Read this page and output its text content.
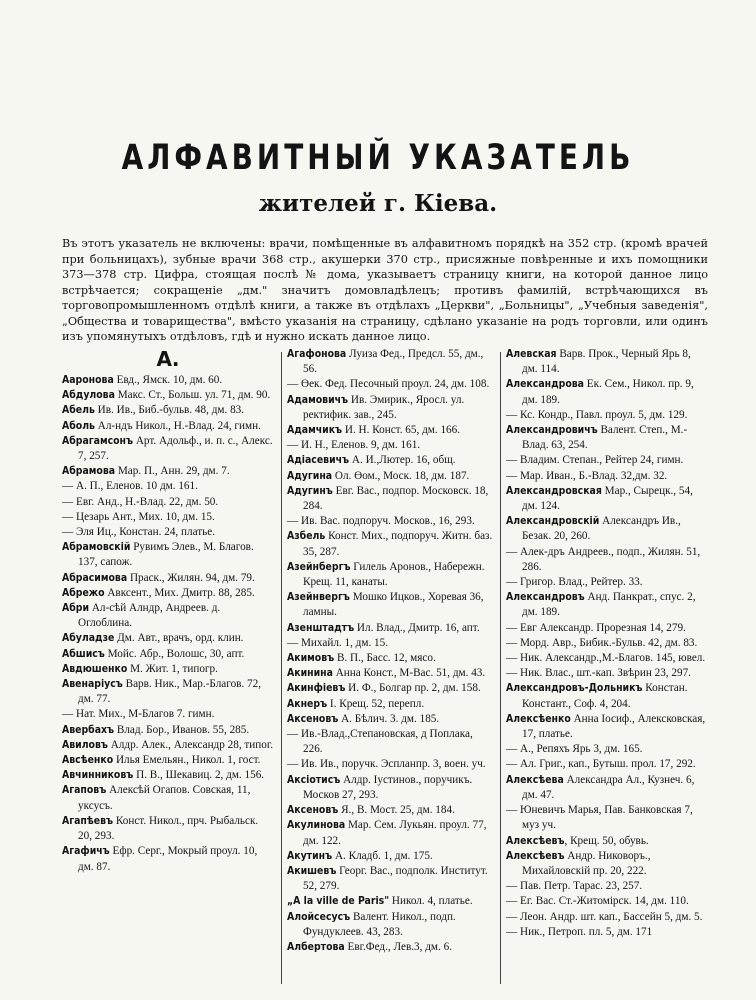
АЛФАВИТНЫЙ УКАЗАТЕЛЬ
жителей г. Кіева.
Въ этотъ указатель не включены: врачи, помѣщенные въ алфавитномъ порядкѣ на 352 стр. (кромѣ врачей при больницахъ), зубные врачи 368 стр., акушерки 370 стр., присяжные повѣренные и ихъ помощники 373—378 стр. Цифра, стоящая послѣ № дома, указываетъ страницу книги, на которой данное лицо встрѣчается; сокращенiе „дм." значитъ домовладѣлецъ; противъ фамилій, встрѣчающихся въ торговопромышленномъ отдѣлѣ книги, а также въ отдѣлахъ „Церкви", „Больницы", „Учебныя заведенія", „Общества и товарищества", вмѣсто указанія на страницу, сдѣлано указаніе на родъ торговли, или одинъ изъ упомянутыхъ отдѣловъ, гдѣ и нужно искать данное лицо.
А.

Аароновa Евд., Ямск. 10, дм. 60.

Абдулова Макс. Ст., Больш. ул. 71, дм. 90.

Абель Ив. Ив., Биб.-бульв. 48, дм. 83.

Аболь Ал-ндъ Никол., Н.-Влад. 24, гимн.

Абрагамсонъ Арт. Адольф., и. п. с., Алекс. 7, 257.

Абрамова Мар. П., Анн. 29, дм. 7.

— А. П., Еленов. 10 дм. 161.

— Евг. Анд., Н.-Влад. 22, дм. 50.

— Цезарь Ант., Мих. 10, дм. 15.

— Эля Иц., Констан. 24, платье.

Абрамовскій Рувимъ Элев., М. Благов. 137, сапож.

Абрасимова Праск., Жилян. 94, дм. 79.

Абрежо Авксент., Мих. Дмитр. 88, 285.

Абри Ал-сѣй Алндр, Андреев. д. Оглоблина.

Абуладзе Дм. Авт., врачъ, орд. клин.

Абшисъ Мойс. Абр., Волошс, 30, апт.

Авдюшенко М. Жит. 1, типогр.

Авенаріусъ Варв. Ник., Мар.-Благов. 72, дм. 77.

— Нат. Мих., М-Благов 7. гимн.

Авербахъ Влад. Бор., Иванов. 55, 285.

Авиловъ Алдр. Алек., Александр 28, типог.

Авсѣенко Илья Емельян., Никол. 1, гост.

Авчинниковъ П. В., Шекавиц. 2, дм. 156.

Агаповъ Алексѣй Огапов. Совская, 11, уксусъ.

Агапѣевъ Конст. Никол., прч. Рыбальск. 20, 293.

Агафичъ Ефр. Серг., Мокрый проул. 10, дм. 87.

Агафонова Луиза Фед., Предсл. 55, дм., 56.

— Өек. Фед. Песочный проул. 24, дм. 108.

Адамовичъ Ив. Эмирик., Яросл. ул. ректифик. зав., 245.

Адамчикъ И. Н. Конст. 65, дм. 166.

— И. Н., Еленов. 9, дм. 161.

Адіасевичъ А. И.,Лютер. 16, общ.

Адугина Ол. Өом., Моск. 18, дм. 187.

Адугинъ Евг. Вас., подпор. Московск. 18, 284.

— Ив. Вас. подпоруч. Москов., 16, 293.

Азбель Конст. Мих., подпоруч. Житн. баз. 35, 287.

Азейнбергъ Гилель Аронов., Набережн. Крещ. 11, канаты.

Азейнвергъ Мошко Ицков., Хоревая 36, ламны.

Азенштадтъ Ил. Влад., Дмитр. 16, апт.

— Михайл. 1, дм. 15.

Акимовъ В. П., Басс. 12, мясо.

Акинина Анна Конст., М-Вас. 51, дм. 43.

Акинфіевъ И. Ф., Болгар пр. 2, дм. 158.

Акнеръ I. Крещ. 52, перепл.

Аксеновъ А. Бѣлич. 3. дм. 185.

— Ив.-Влад.,Степановская, д Поплака, 226.

— Ив. Ив., поручк. Эспланпр. 3, воен. уч.

Аксіотисъ Алдр. Iустинов., поручикъ. Москов 27, 293.

Аксеновъ Я., В. Мост. 25, дм. 184.

Акулинова Мар. Сем. Лукьян. проул. 77, дм. 122.

Акутинъ А. Кладб. 1, дм. 175.

Акишевъ Георг. Вас., подполк. Институт. 52, 279.

„A la ville de Paris" Никол. 4, платье.

Алойсесусъ Валент. Никол., подп. Фундуклеев. 43, 283.

Албертова Евг.Фед., Лев.3, дм. 6.

Алевская Варв. Прок., Черный Ярь 8, дм. 114.

Александрова Ек. Сем., Никол. пр. 9, дм. 189.

— Кс. Кондр., Павл. проул. 5, дм. 129.

Александровичъ Валент. Степ., М.-Влад. 63, 254.

— Владим. Степан., Рейтер 24, гимн.

— Мар. Иван., Б.-Влад. 32,дм. 32.

Александровская Мар., Сырецк., 54, дм. 124.

Александровскій Александръ Ив., Безак. 20, 260.

— Алек-дръ Андреев., подп., Жилян. 51, 286.

— Григор. Влад., Рейтер. 33.

Александровъ Анд. Панкрат., спус. 2, дм. 189.

— Евг Александр. Прорезная 14, 279.

— Морд. Авр., Бибик.-Бульв. 42, дм. 83.

— Ник. Александр.,М.-Благов. 145, ювел.

— Ник. Влас., шт.-кап. Звѣрин 23, 297.

Александровъ-Дольникъ Констан. Констант., Соф. 4, 204.

Алексѣенко Анна Iосиф., Алексковская, 17, платье.

— А., Репяхъ Ярь 3, дм. 165.

— Ал. Григ., кап., Бутыш. прол. 17, 292.

Алексѣева Александра Ал., Кузнеч. 6, дм. 47.

— Юневичъ Марья, Пав. Банковская 7, муз уч.

Алексѣевъ, Крещ. 50, обувь.

Алексѣевъ Андр. Никоворъ., Михайловскій пр. 20, 222.

— Пав. Петр. Тарас. 23, 257.

— Ег. Вас. Ст.-Житомірск. 14, дм. 110.

— Леон. Андр. шт. кап., Бассейн 5, дм. 5.

— Ник., Петроп. пл. 5, дм. 171
